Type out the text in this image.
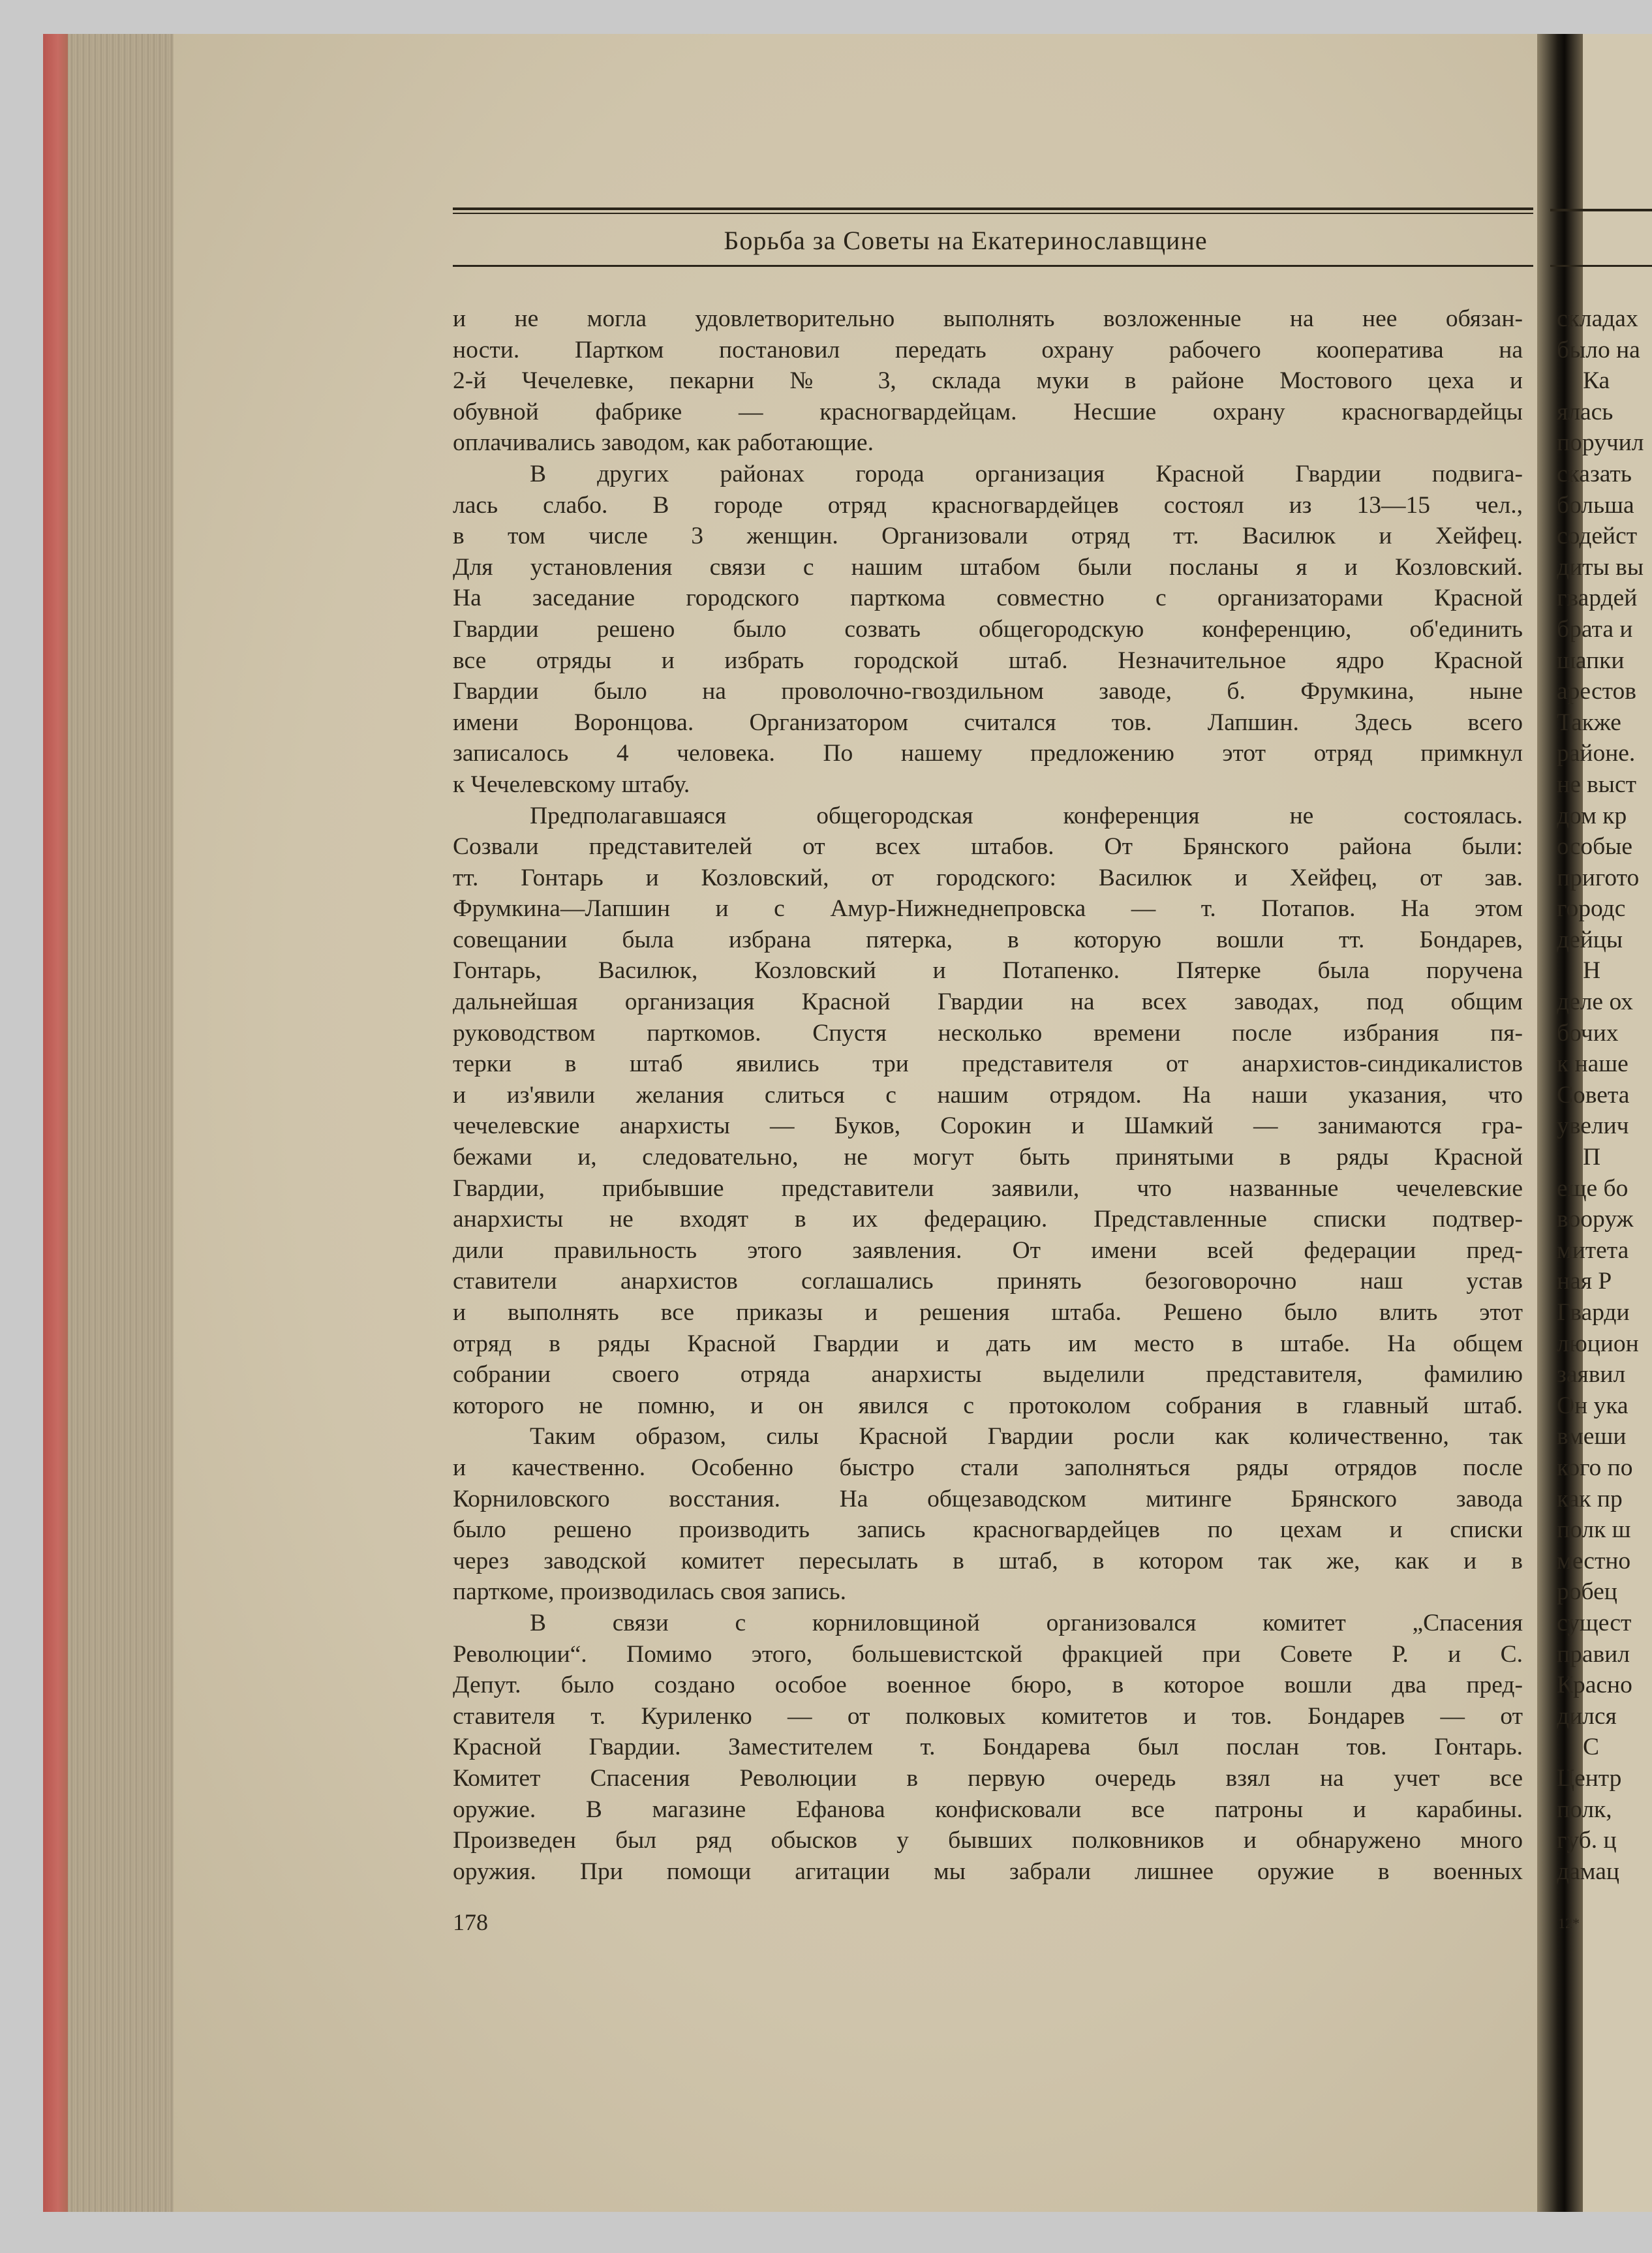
Борьба за Советы на Екатеринославщине
и не могла удовлетворительно выполнять возложенные на нее обязан-
ности. Партком постановил передать охрану рабочего кооператива на
2-й Чечелевке, пекарни № 3, склада муки в районе Мостового цеха и
обувной фабрике — красногвардейцам. Несшие охрану красногвардейцы
оплачивались заводом, как работающие.
В других районах города организация Красной Гвардии подвига-
лась слабо. В городе отряд красногвардейцев состоял из 13—15 чел.,
в том числе 3 женщин. Организовали отряд тт. Василюк и Хейфец.
Для установления связи с нашим штабом были посланы я и Козловский.
На заседание городского парткома совместно с организаторами Красной
Гвардии решено было созвать общегородскую конференцию, об'единить
все отряды и избрать городской штаб. Незначительное ядро Красной
Гвардии было на проволочно-гвоздильном заводе, б. Фрумкина, ныне
имени Воронцова. Организатором считался тов. Лапшин. Здесь всего
записалось 4 человека. По нашему предложению этот отряд примкнул
к Чечелевскому штабу.
Предполагавшаяся общегородская конференция не состоялась.
Созвали представителей от всех штабов. От Брянского района были:
тт. Гонтарь и Козловский, от городского: Василюк и Хейфец, от зав.
Фрумкина—Лапшин и с Амур-Нижнеднепровска — т. Потапов. На этом
совещании была избрана пятерка, в которую вошли тт. Бондарев,
Гонтарь, Василюк, Козловский и Потапенко. Пятерке была поручена
дальнейшая организация Красной Гвардии на всех заводах, под общим
руководством парткомов. Спустя несколько времени после избрания пя-
терки в штаб явились три представителя от анархистов-синдикалистов
и из'явили желания слиться с нашим отрядом. На наши указания, что
чечелевские анархисты — Буков, Сорокин и Шамкий — занимаются гра-
бежами и, следовательно, не могут быть принятыми в ряды Красной
Гвардии, прибывшие представители заявили, что названные чечелевские
анархисты не входят в их федерацию. Представленные списки подтвер-
дили правильность этого заявления. От имени всей федерации пред-
ставители анархистов соглашались принять безоговорочно наш устав
и выполнять все приказы и решения штаба. Решено было влить этот
отряд в ряды Красной Гвардии и дать им место в штабе. На общем
собрании своего отряда анархисты выделили представителя, фамилию
которого не помню, и он явился с протоколом собрания в главный штаб.
Таким образом, силы Красной Гвардии росли как количественно, так
и качественно. Особенно быстро стали заполняться ряды отрядов после
Корниловского восстания. На общезаводском митинге Брянского завода
было решено производить запись красногвардейцев по цехам и списки
через заводской комитет пересылать в штаб, в котором так же, как и в
парткоме, производилась своя запись.
В связи с корниловщиной организовался комитет „Спасения
Революции“. Помимо этого, большевистской фракцией при Совете Р. и С.
Депут. было создано особое военное бюро, в которое вошли два пред-
ставителя т. Куриленко — от полковых комитетов и тов. Бондарев — от
Красной Гвардии. Заместителем т. Бондарева был послан тов. Гонтарь.
Комитет Спасения Революции в первую очередь взял на учет все
оружие. В магазине Ефанова конфисковали все патроны и карабины.
Произведен был ряд обысков у бывших полковников и обнаружено много
оружия. При помощи агитации мы забрали лишнее оружие в военных
178
складах
было на
Ка
ялась
поручил
сказать
больша
содейст
диты вы
гвардей
брата и
шапки
арестов
Также
районе.
не выст
дом кр
особые
пригото
городс
дейцы
Н
деле ох
бочих
к наше
Совета
увелич
П
еще бо
вооруж
митета
ная Р
Гварди
люцион
заявил
Он ука
вмеши
кого по
как пр
полк ш
местно
робец
сущест
правил
Красно
дился
С
Центр
полк,
губ. ц
дамац
12*
